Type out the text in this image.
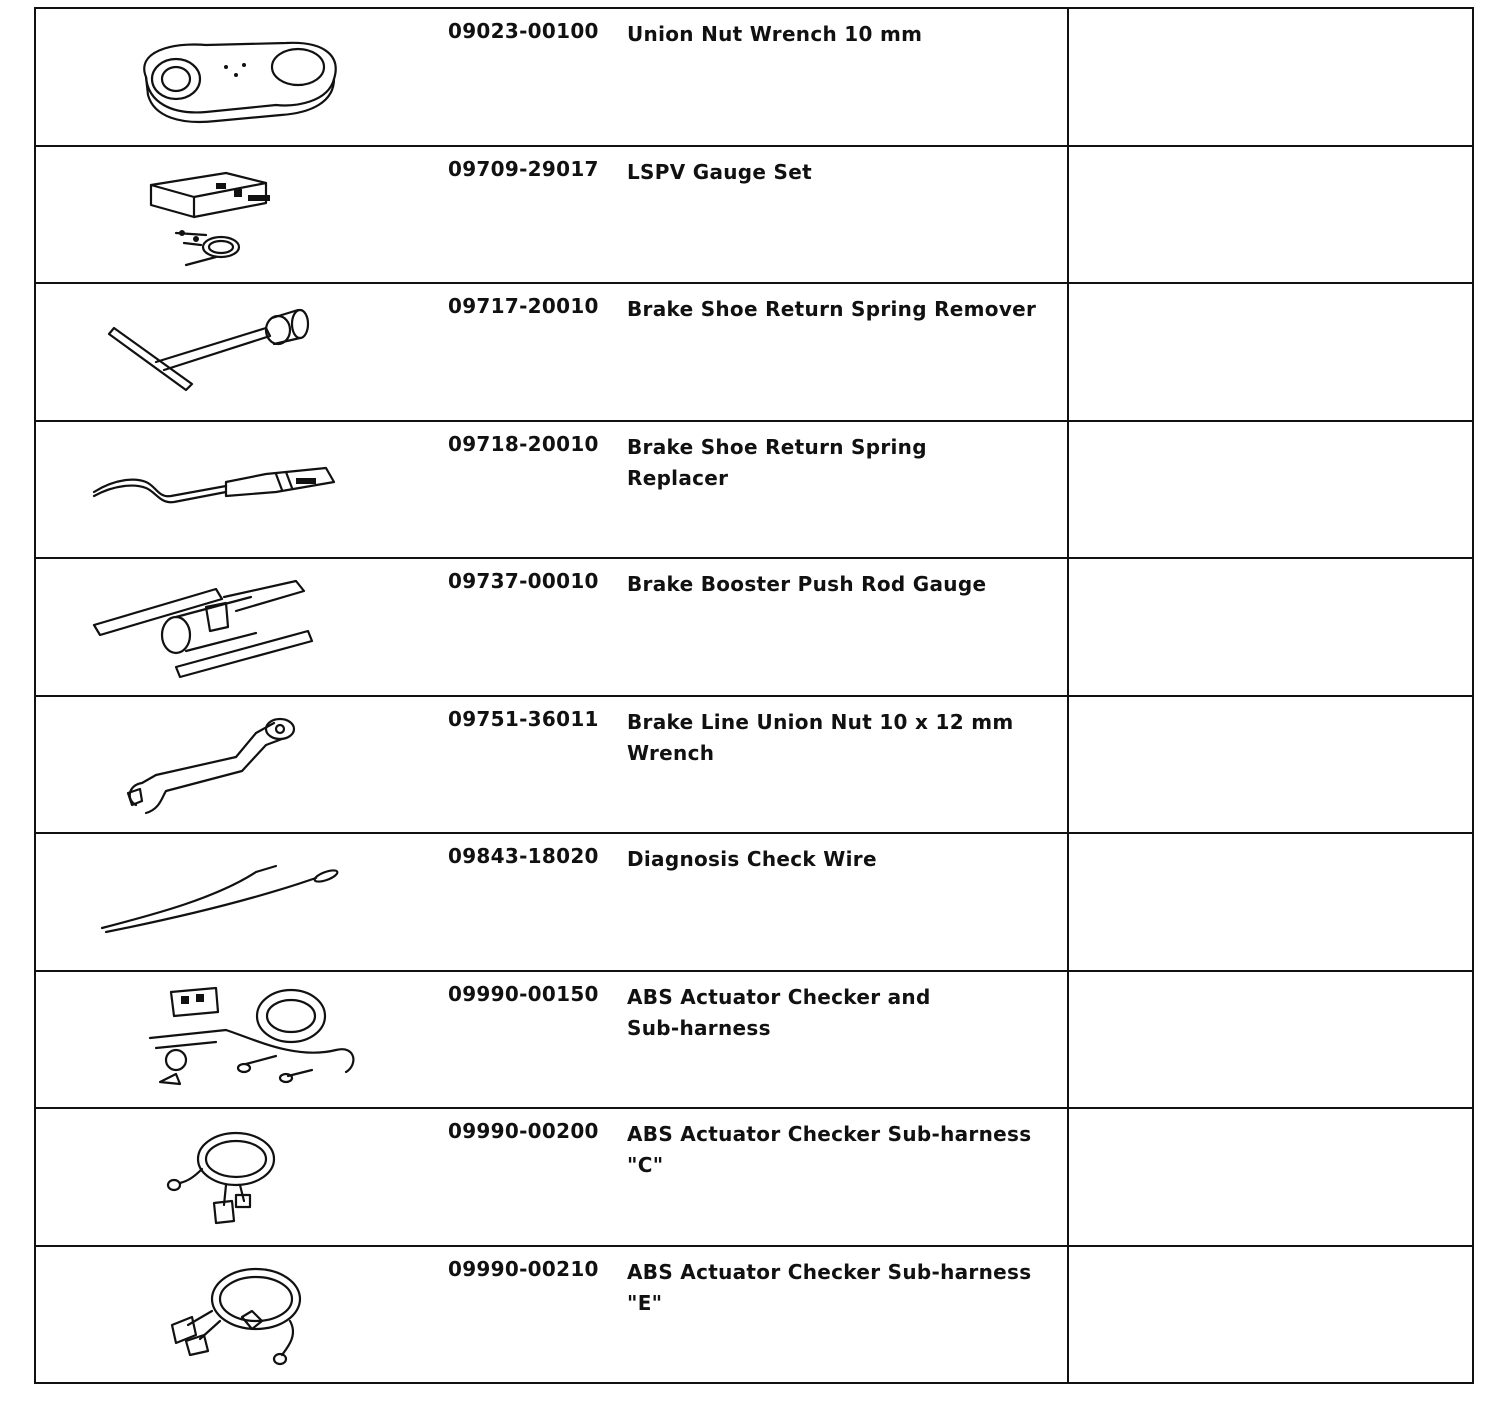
09023-00100 Union Nut Wrench 10 mm
09709-29017 LSPV Gauge Set
09717-20010 Brake Shoe Return Spring Remover
09718-20010 Brake Shoe Return Spring
Replacer
09737-00010 Brake Booster Push Rod Gauge
09751-36011 Brake Line Union Nut 10 x 12 mm
Wrench
09843-18020 Diagnosis Check Wire
09990-00150 ABS Actuator Checker and
Sub-harness
09990-00200 ABS Actuator Checker Sub-harness
"C"
09990-00210 ABS Actuator Checker Sub-harness
"E"
